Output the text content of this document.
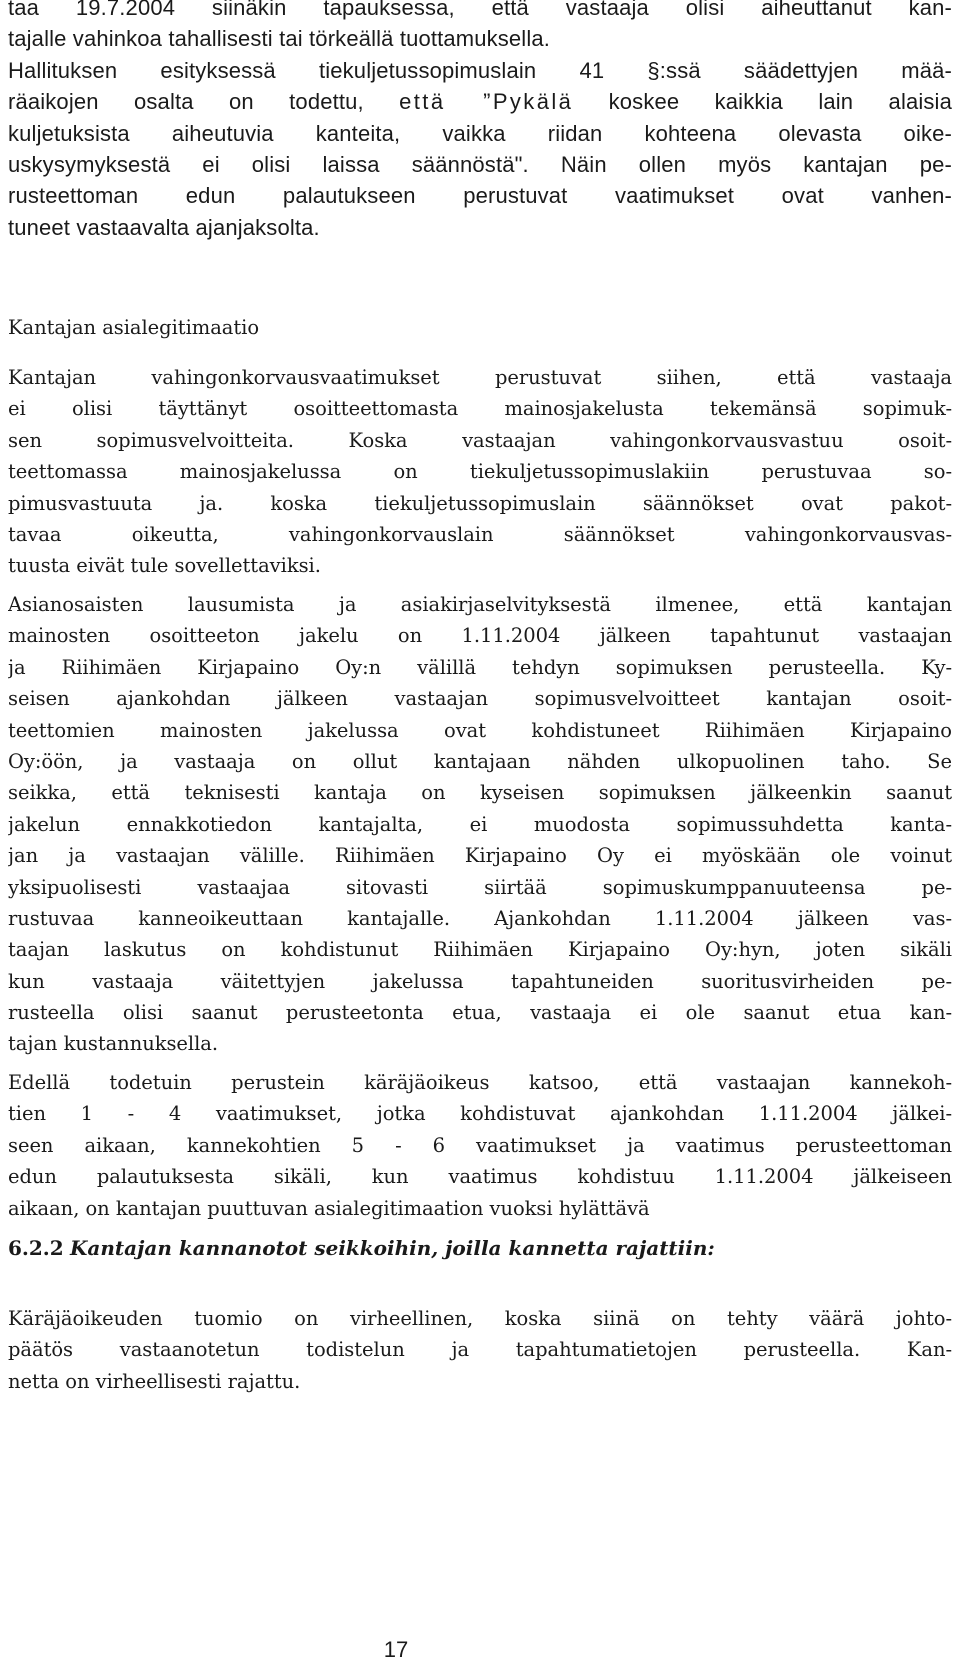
taa 19.7.2004 siinäkin tapauksessa, että vastaaja olisi aiheuttanut kan-
tajalle vahinkoa tahallisesti tai törkeällä tuottamuksella.
Hallituksen esityksessä tiekuljetussopimuslain 41 §:ssä säädettyjen mää-
räaikojen osalta on todettu, että ”Pykälä koskee kaikkia lain alaisia
kuljetuksista aiheutuvia kanteita, vaikka riidan kohteena olevasta oike-
uskysymyksestä ei olisi laissa säännöstä". Näin ollen myös kantajan pe-
rusteettoman edun palautukseen perustuvat vaatimukset ovat vanhen-
tuneet vastaavalta ajanjaksolta.
Kantajan asialegitimaatio
Kantajan vahingonkorvausvaatimukset perustuvat siihen, että vastaaja
ei olisi täyttänyt osoitteettomasta mainosjakelusta tekemänsä sopimuk-
sen sopimusvelvoitteita. Koska vastaajan vahingonkorvausvastuu osoit-
teettomassa mainosjakelussa on tiekuljetussopimuslakiin perustuvaa so-
pimusvastuuta ja. koska tiekuljetussopimuslain säännökset ovat pakot-
tavaa oikeutta, vahingonkorvauslain säännökset vahingonkorvausvas-
tuusta eivät tule sovellettaviksi.
Asianosaisten lausumista ja asiakirjaselvityksestä ilmenee, että kantajan
mainosten osoitteeton jakelu on 1.11.2004 jälkeen tapahtunut vastaajan
ja Riihimäen Kirjapaino Oy:n välillä tehdyn sopimuksen perusteella. Ky-
seisen ajankohdan jälkeen vastaajan sopimusvelvoitteet kantajan osoit-
teettomien mainosten jakelussa ovat kohdistuneet Riihimäen Kirjapaino
Oy:öön, ja vastaaja on ollut kantajaan nähden ulkopuolinen taho. Se
seikka, että teknisesti kantaja on kyseisen sopimuksen jälkeenkin saanut
jakelun ennakkotiedon kantajalta, ei muodosta sopimussuhdetta kanta-
jan ja vastaajan välille. Riihimäen Kirjapaino Oy ei myöskään ole voinut
yksipuolisesti vastaajaa sitovasti siirtää sopimuskumppanuuteensa pe-
rustuvaa kanneoikeuttaan kantajalle. Ajankohdan 1.11.2004 jälkeen vas-
taajan laskutus on kohdistunut Riihimäen Kirjapaino Oy:hyn, joten sikäli
kun vastaaja väitettyjen jakelussa tapahtuneiden suoritusvirheiden pe-
rusteella olisi saanut perusteetonta etua, vastaaja ei ole saanut etua kan-
tajan kustannuksella.
Edellä todetuin perustein käräjäoikeus katsoo, että vastaajan kannekoh-
tien 1 - 4 vaatimukset, jotka kohdistuvat ajankohdan 1.11.2004 jälkei-
seen aikaan, kannekohtien 5 - 6 vaatimukset ja vaatimus perusteettoman
edun palautuksesta sikäli, kun vaatimus kohdistuu 1.11.2004 jälkeiseen
aikaan, on kantajan puuttuvan asialegitimaation vuoksi hylättävä
6.2.2 Kantajan kannanotot seikkoihin, joilla kannetta rajattiin:
Käräjäoikeuden tuomio on virheellinen, koska siinä on tehty väärä johto-
päätös vastaanotetun todistelun ja tapahtumatietojen perusteella. Kan-
netta on virheellisesti rajattu.
17
